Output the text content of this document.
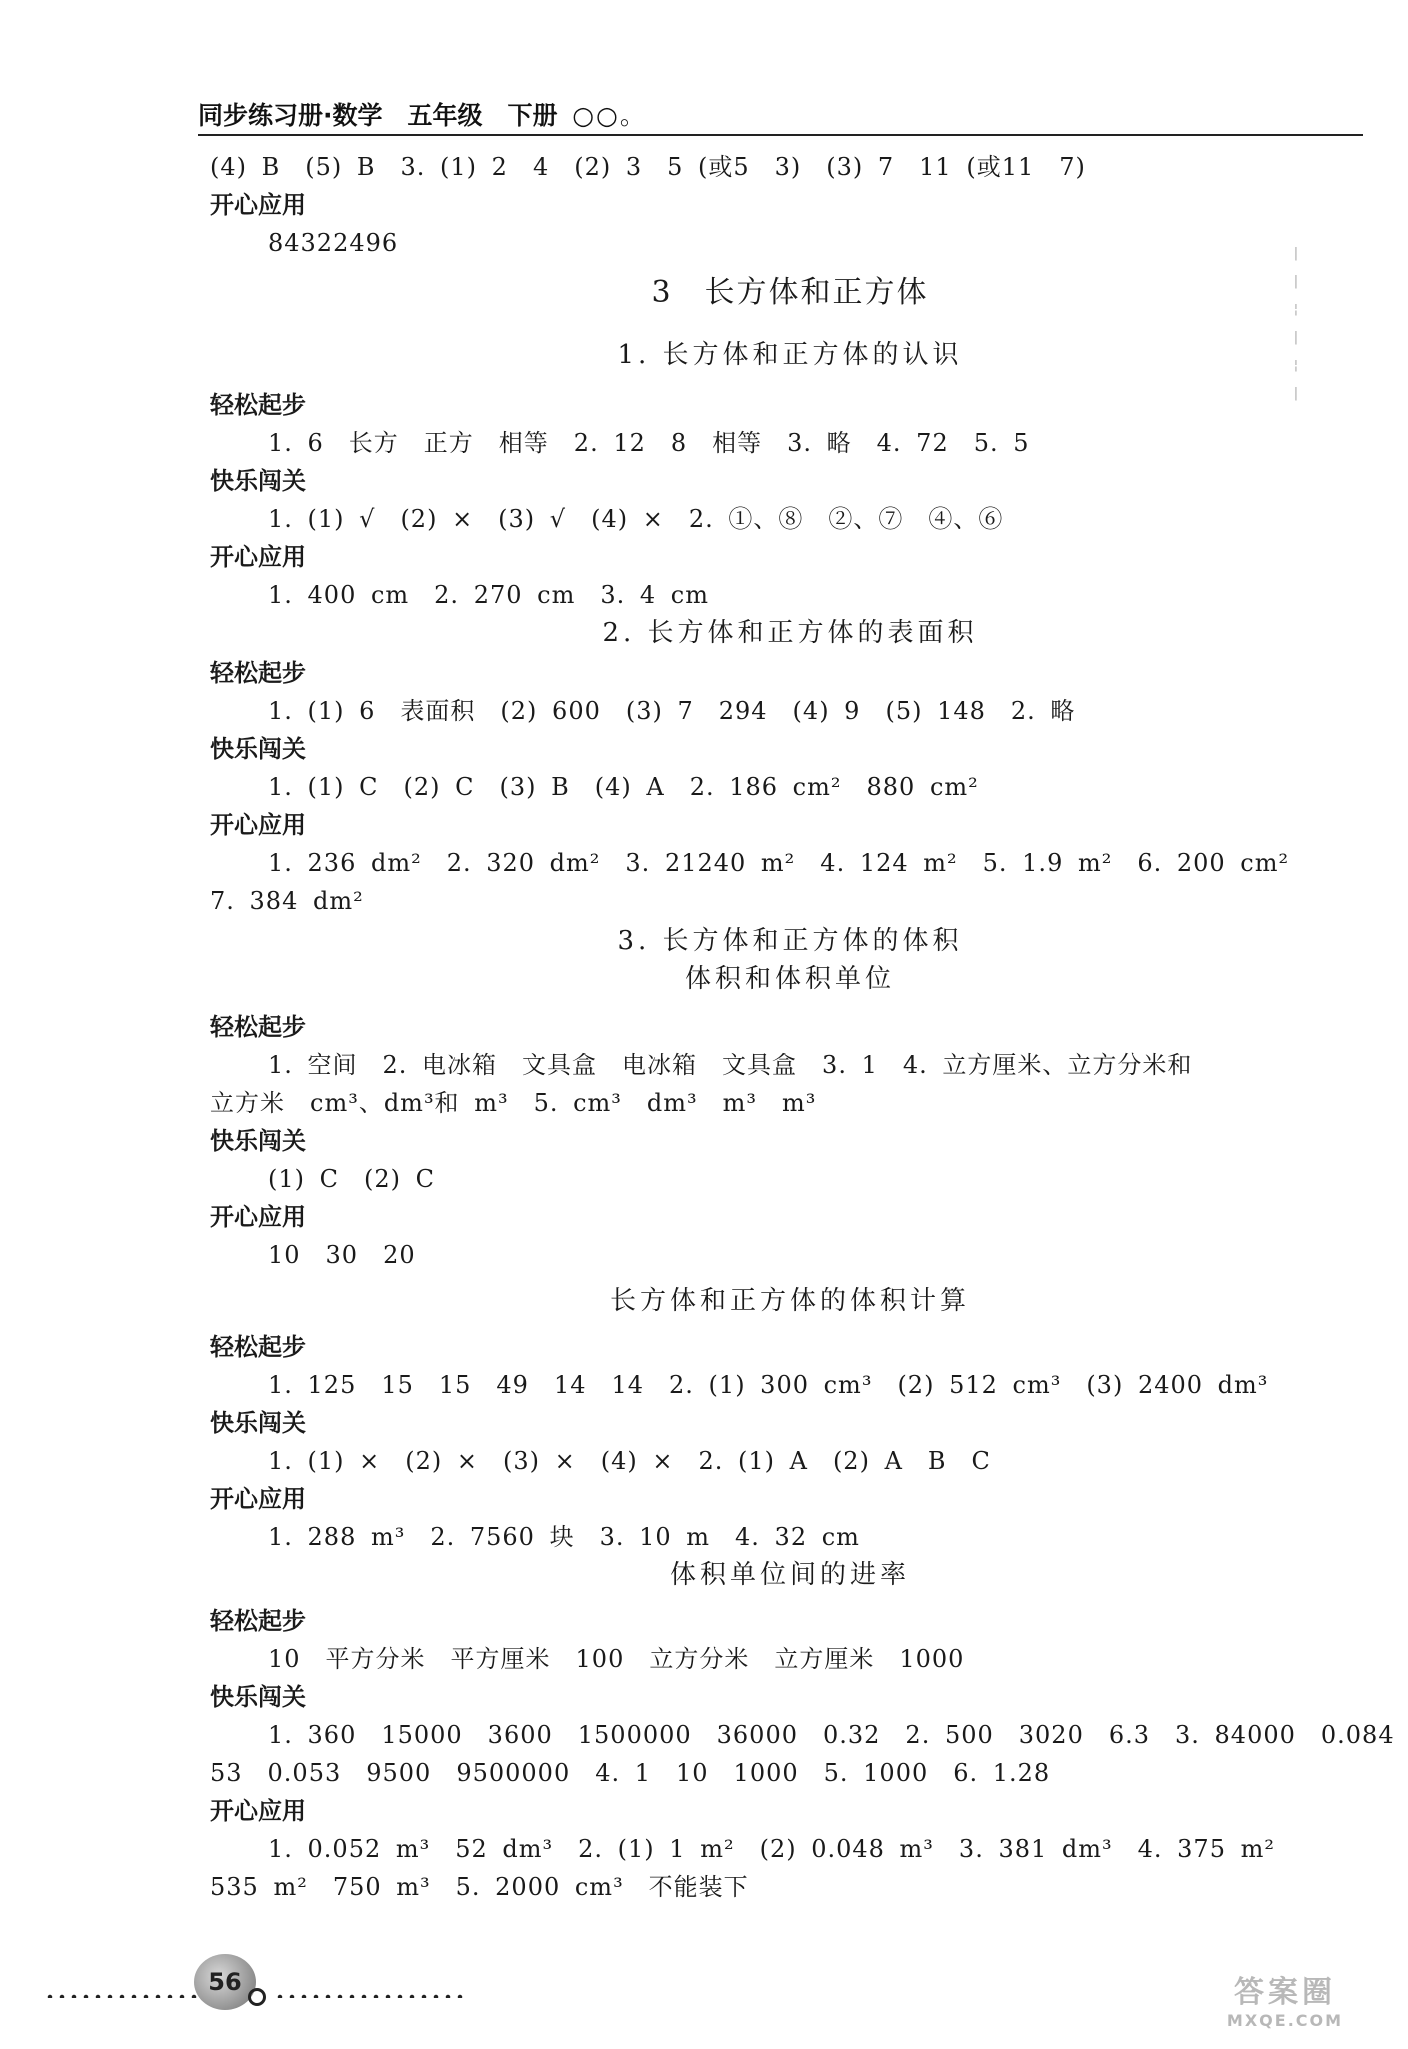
同步练习册·数学　五年级　下册 ○○。
|
|
¦
|
¦
|
(4) B　(5) B　3. (1) 2　4　(2) 3　5 (或5　3)　(3) 7　11 (或11　7)
开心应用
84322496
3　长方体和正方体
1. 长方体和正方体的认识
轻松起步
1. 6　长方　正方　相等　2. 12　8　相等　3. 略　4. 72　5. 5
快乐闯关
1. (1) √　(2) ×　(3) √　(4) ×　2. ①、⑧　②、⑦　④、⑥
开心应用
1. 400 cm　2. 270 cm　3. 4 cm
2. 长方体和正方体的表面积
轻松起步
1. (1) 6　表面积　(2) 600　(3) 7　294　(4) 9　(5) 148　2. 略
快乐闯关
1. (1) C　(2) C　(3) B　(4) A　2. 186 cm²　880 cm²
开心应用
1. 236 dm²　2. 320 dm²　3. 21240 m²　4. 124 m²　5. 1.9 m²　6. 200 cm²
7. 384 dm²
3. 长方体和正方体的体积
体积和体积单位
轻松起步
1. 空间　2. 电冰箱　文具盒　电冰箱　文具盒　3. 1　4. 立方厘米、立方分米和
立方米　cm³、dm³和 m³　5. cm³　dm³　m³　m³
快乐闯关
(1) C　(2) C
开心应用
10　30　20
长方体和正方体的体积计算
轻松起步
1. 125　15　15　49　14　14　2. (1) 300 cm³　(2) 512 cm³　(3) 2400 dm³
快乐闯关
1. (1) ×　(2) ×　(3) ×　(4) ×　2. (1) A　(2) A　B　C
开心应用
1. 288 m³　2. 7560 块　3. 10 m　4. 32 cm
体积单位间的进率
轻松起步
10　平方分米　平方厘米　100　立方分米　立方厘米　1000
快乐闯关
1. 360　15000　3600　1500000　36000　0.32　2. 500　3020　6.3　3. 84000　0.084
53　0.053　9500　9500000　4. 1　10　1000　5. 1000　6. 1.28
开心应用
1. 0.052 m³　52 dm³　2. (1) 1 m²　(2) 0.048 m³　3. 381 dm³　4. 375 m²
535 m²　750 m³　5. 2000 cm³　不能装下
56	答案圈
MXQE.COM
